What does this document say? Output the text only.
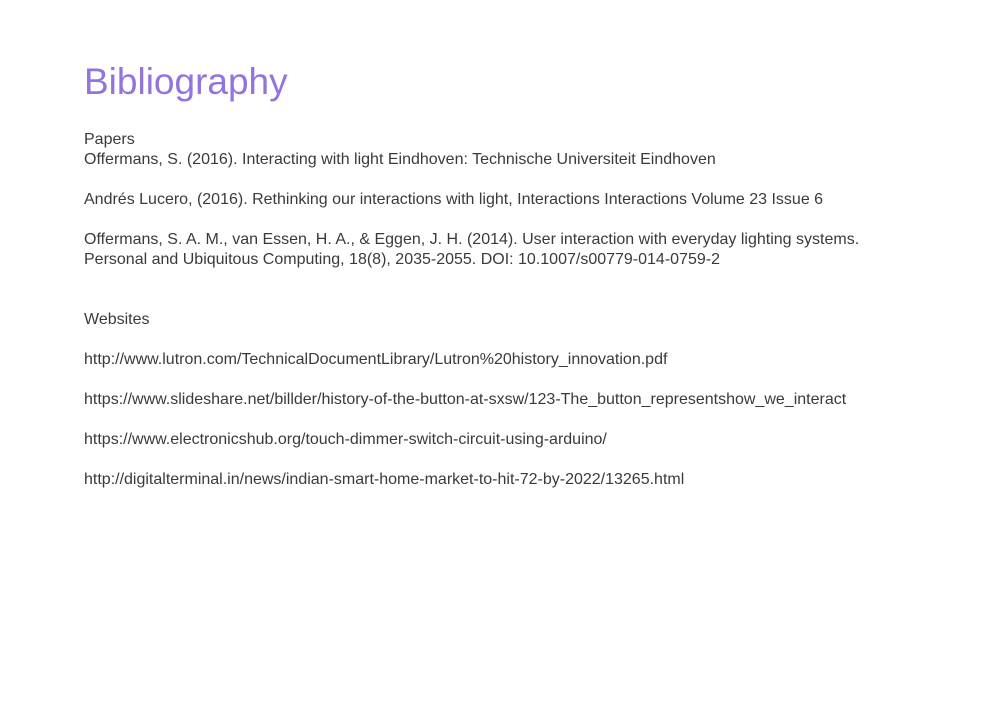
Bibliography
Papers
Offermans, S. (2016). Interacting with light Eindhoven: Technische Universiteit Eindhoven
Andrés Lucero, (2016). Rethinking our interactions with light, Interactions Interactions Volume 23 Issue 6
Offermans, S. A. M., van Essen, H. A., & Eggen, J. H. (2014). User interaction with everyday lighting systems.
Personal and Ubiquitous Computing, 18(8), 2035-2055. DOI: 10.1007/s00779-014-0759-2
Websites
http://www.lutron.com/TechnicalDocumentLibrary/Lutron%20history_innovation.pdf
https://www.slideshare.net/billder/history-of-the-button-at-sxsw/123-The_button_representshow_we_interact
https://www.electronicshub.org/touch-dimmer-switch-circuit-using-arduino/
http://digitalterminal.in/news/indian-smart-home-market-to-hit-72-by-2022/13265.html
